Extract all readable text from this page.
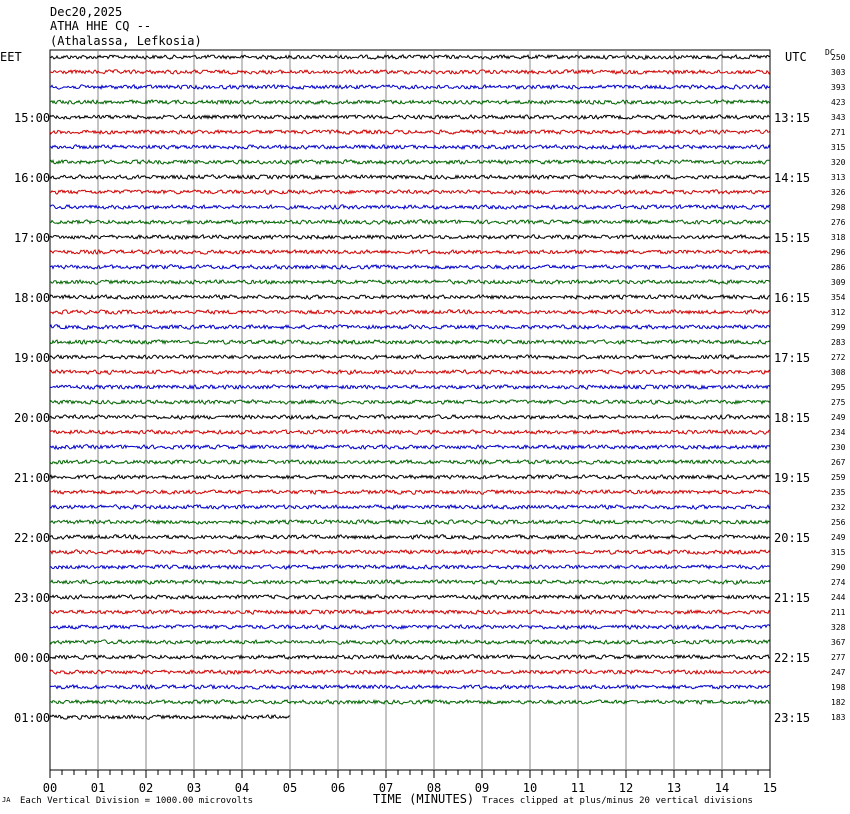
Dec20,2025
ATHA HHE CQ --
(Athalassa, Lefkosia)
00	01	02	03	04	05	06	07	08	09	10	11	12	13	14	15
250
303
393
423
343
271
315
320
313
326
298
276
318
296
286
309
354
312
299
283
272
308
295
275
249
234
230
267
259
235
232
256
249
315
290
274
244
211
328
367
277
247
198
182
183
15:00
16:00
17:00
18:00
19:00
20:00
21:00
22:00
23:00
00:00
01:00
13:15
14:15
15:15
16:15
17:15
18:15
19:15
20:15
21:15
22:15
23:15
EET	UTC DC
JA Each Vertical Division = 1000.00 microvolts	TIME (MINUTES) Traces clipped at plus/minus 20 vertical divisions
